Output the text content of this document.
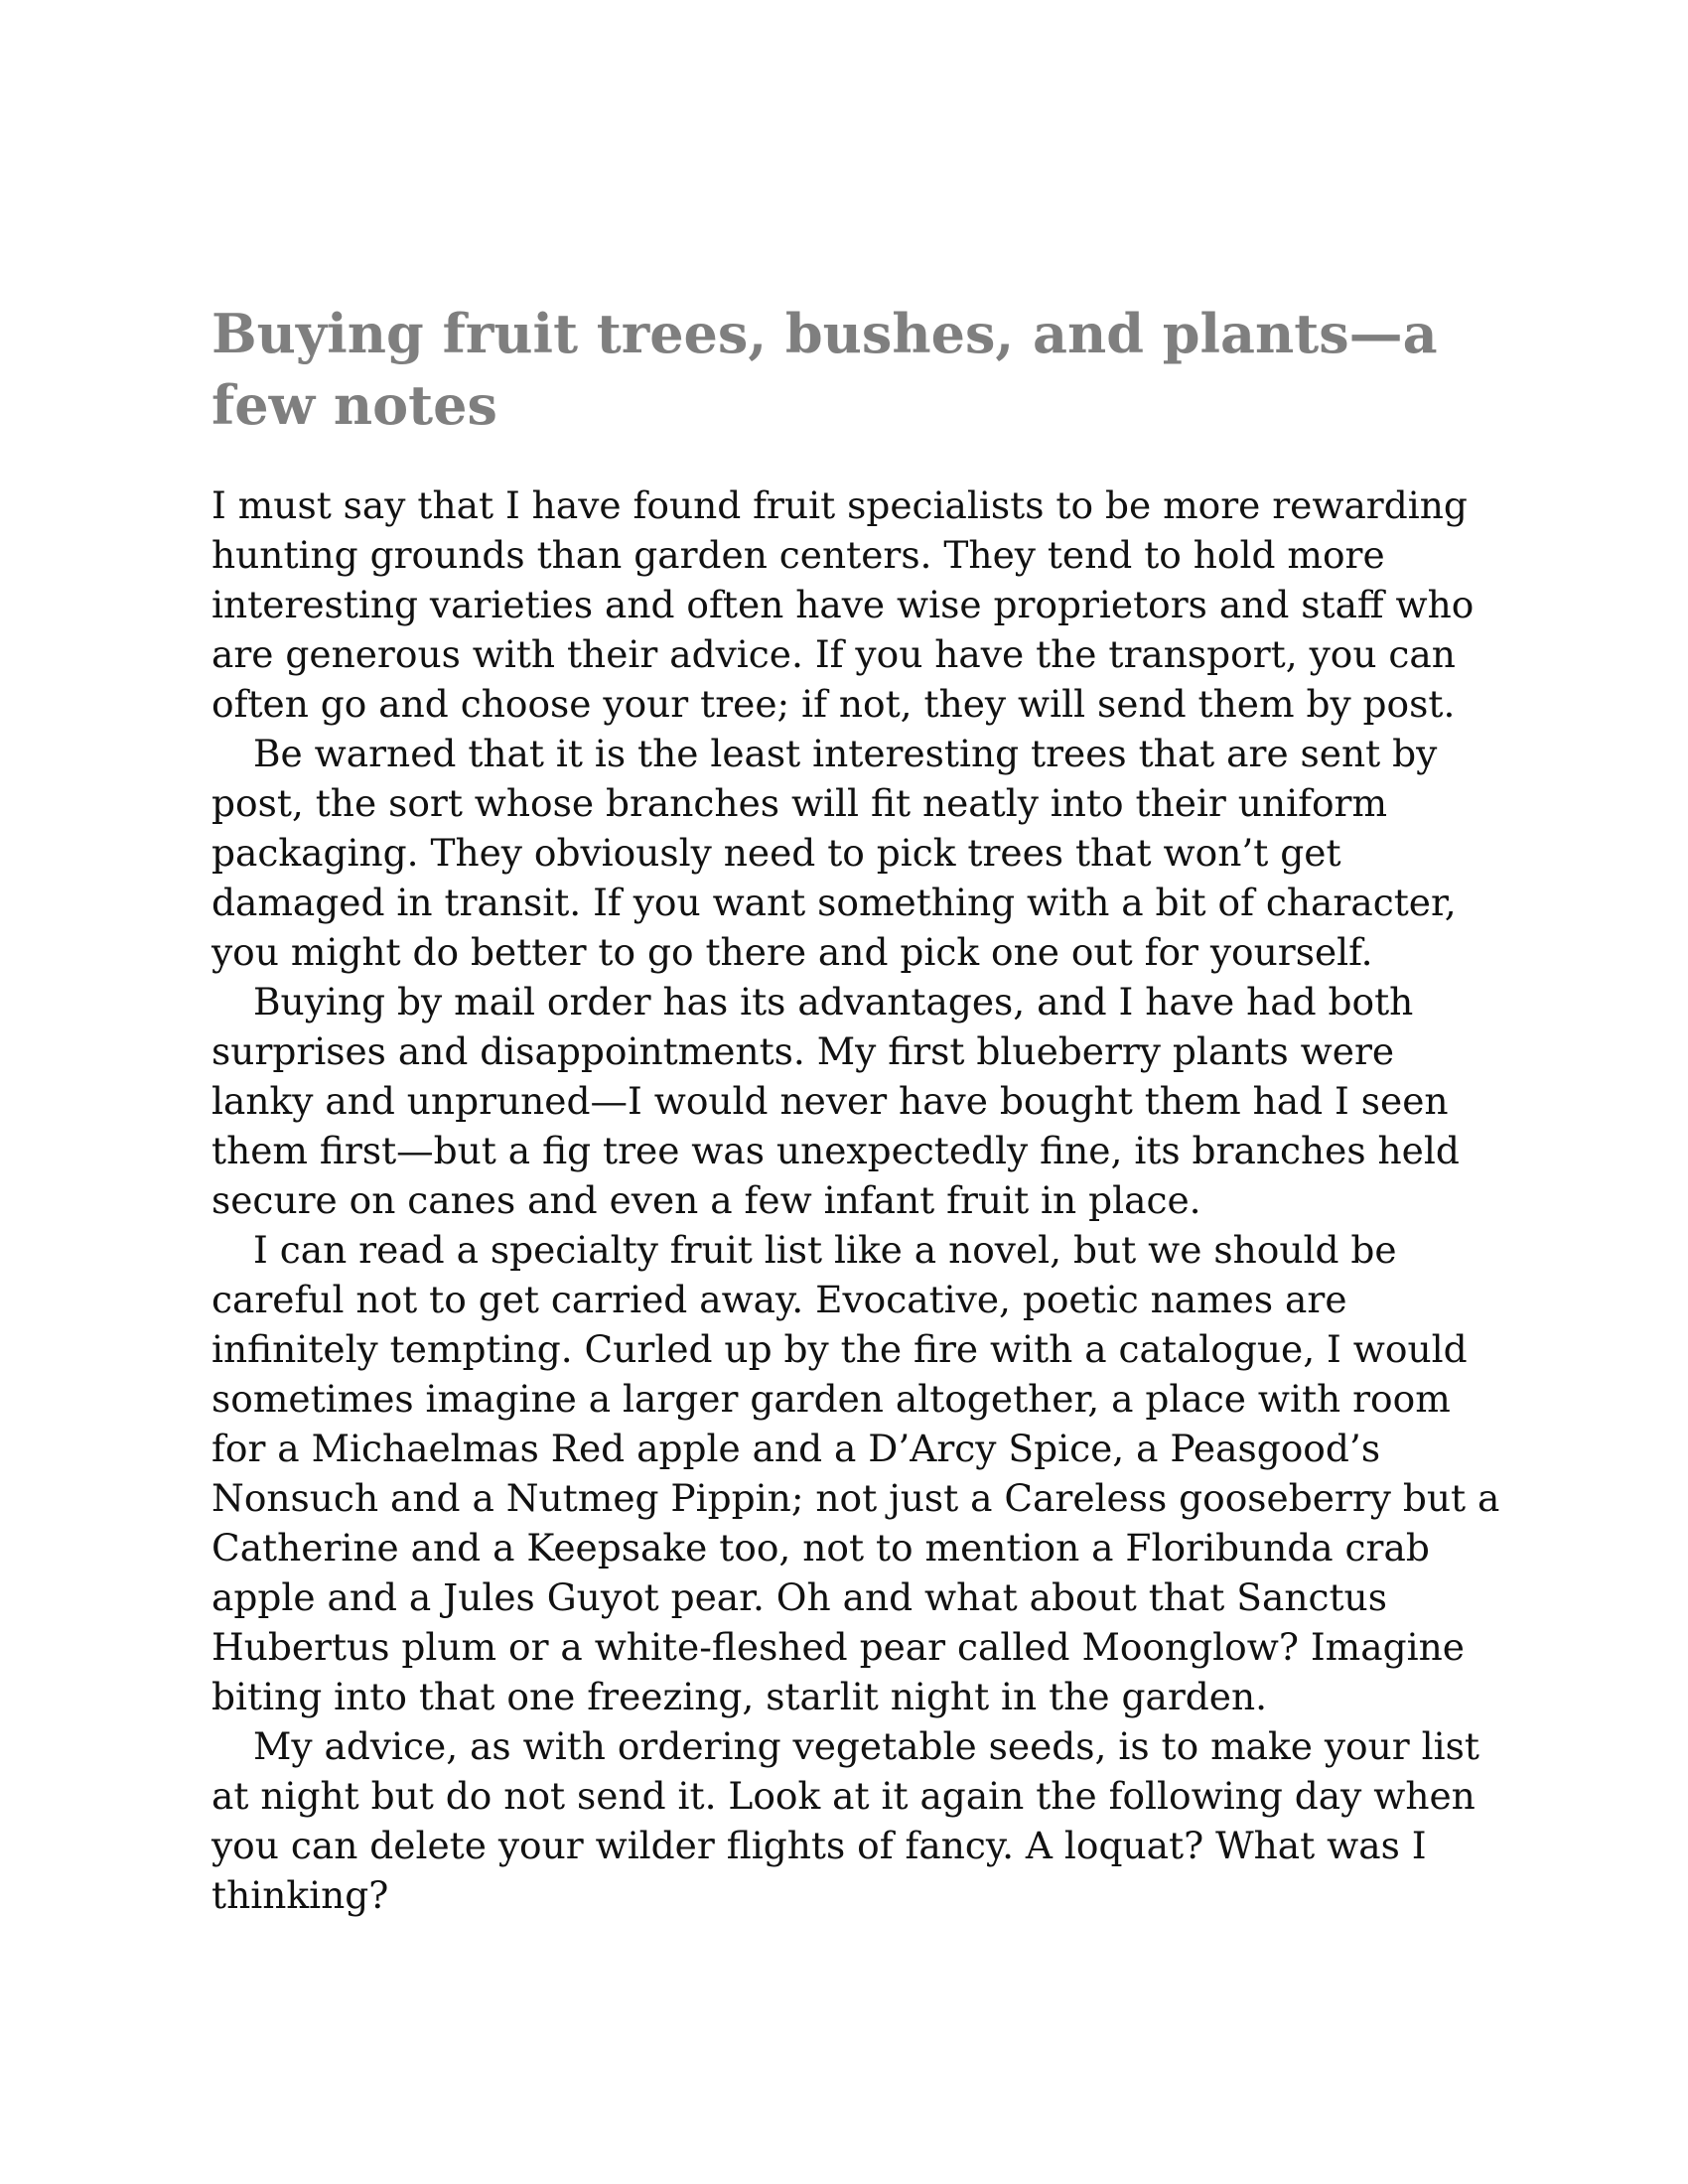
Buying fruit trees, bushes, and plants—a few notes

I must say that I have found fruit specialists to be more rewarding hunting grounds than garden centers. They tend to hold more interesting varieties and often have wise proprietors and staff who are generous with their advice. If you have the transport, you can often go and choose your tree; if not, they will send them by post.

Be warned that it is the least interesting trees that are sent by post, the sort whose branches will fit neatly into their uniform packaging. They obviously need to pick trees that won’t get damaged in transit. If you want something with a bit of character, you might do better to go there and pick one out for yourself.

Buying by mail order has its advantages, and I have had both surprises and disappointments. My first blueberry plants were lanky and unpruned—I would never have bought them had I seen them first—but a fig tree was unexpectedly fine, its branches held secure on canes and even a few infant fruit in place.

I can read a specialty fruit list like a novel, but we should be careful not to get carried away. Evocative, poetic names are infinitely tempting. Curled up by the fire with a catalogue, I would sometimes imagine a larger garden altogether, a place with room for a Michaelmas Red apple and a D’Arcy Spice, a Peasgood’s Nonsuch and a Nutmeg Pippin; not just a Careless gooseberry but a Catherine and a Keepsake too, not to mention a Floribunda crab apple and a Jules Guyot pear. Oh and what about that Sanctus Hubertus plum or a white-fleshed pear called Moonglow? Imagine biting into that one freezing, starlit night in the garden.

My advice, as with ordering vegetable seeds, is to make your list at night but do not send it. Look at it again the following day when you can delete your wilder flights of fancy. A loquat? What was I thinking?
